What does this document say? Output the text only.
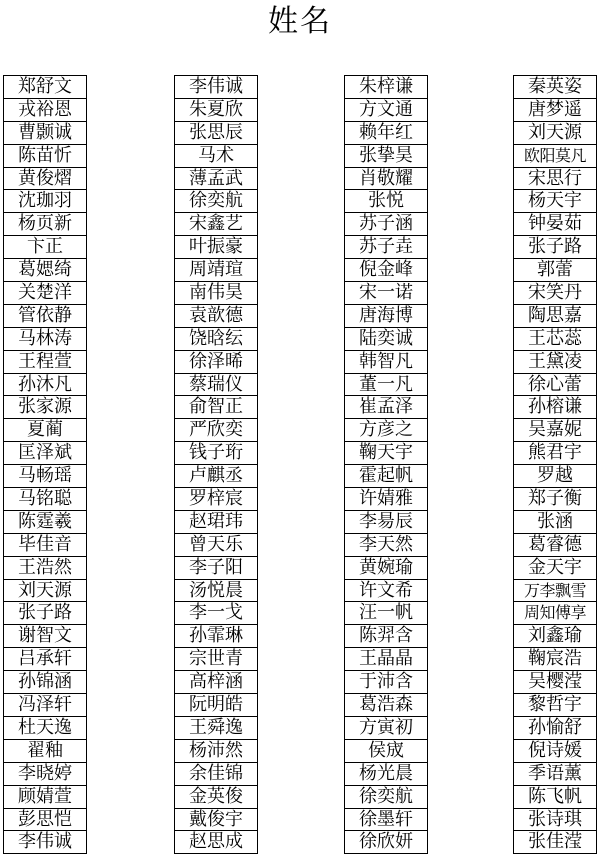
姓名
郑舒文
戎裕恩
曹颢诚
陈苗忻
黄俊熠
沈珈羽
杨页新
卞正
葛媤绮
关楚洋
管依静
马林涛
王程萱
孙沐凡
张家源
夏蔺
匡泽斌
马畅瑶
马铭聪
陈霆羲
毕佳音
王浩然
刘天源
张子路
谢智文
吕承轩
孙锦涵
冯泽轩
杜天逸
翟釉
李晓婷
顾婧萱
彭思恺
李伟诚
李伟诚
朱夏欣
张思辰
马术
薄孟武
徐奕航
宋鑫艺
叶振豪
周靖瑄
南伟昊
袁歆德
饶晗纭
徐泽晞
蔡瑞仪
俞智正
严欣奕
钱子珩
卢麒丞
罗梓宸
赵珺玮
曾天乐
李子阳
汤悦晨
李一戈
孙霏琳
宗世青
高梓涵
阮明皓
王舜逸
杨沛然
余佳锦
金英俊
戴俊宇
赵思成
朱梓谦
方文通
赖年红
张挚昊
肖敬耀
张悦
苏子涵
苏子垚
倪金峰
宋一诺
唐海博
陆奕诚
韩智凡
董一凡
崔孟泽
方彦之
鞠天宇
霍起帆
许婧雅
李昜辰
李天然
黄婉瑜
许文希
汪一帆
陈羿含
王晶晶
于沛含
葛浩森
方寅初
侯宬
杨光晨
徐奕航
徐墨轩
徐欣妍
秦英姿
唐梦遥
刘天源
欧阳莫凡
宋思行
杨天宇
钟晏茹
张子路
郭蕾
宋笑丹
陶思嘉
王芯蕊
王黛凌
徐心蕾
孙榕谦
吴嘉妮
熊君宇
罗越
郑子衡
张涵
葛睿德
金天宇
万李飘雪
周知傅享
刘鑫瑜
鞠宸浩
吴樱滢
黎哲宇
孙愉舒
倪诗媛
季语薰
陈飞帆
张诗琪
张佳滢
